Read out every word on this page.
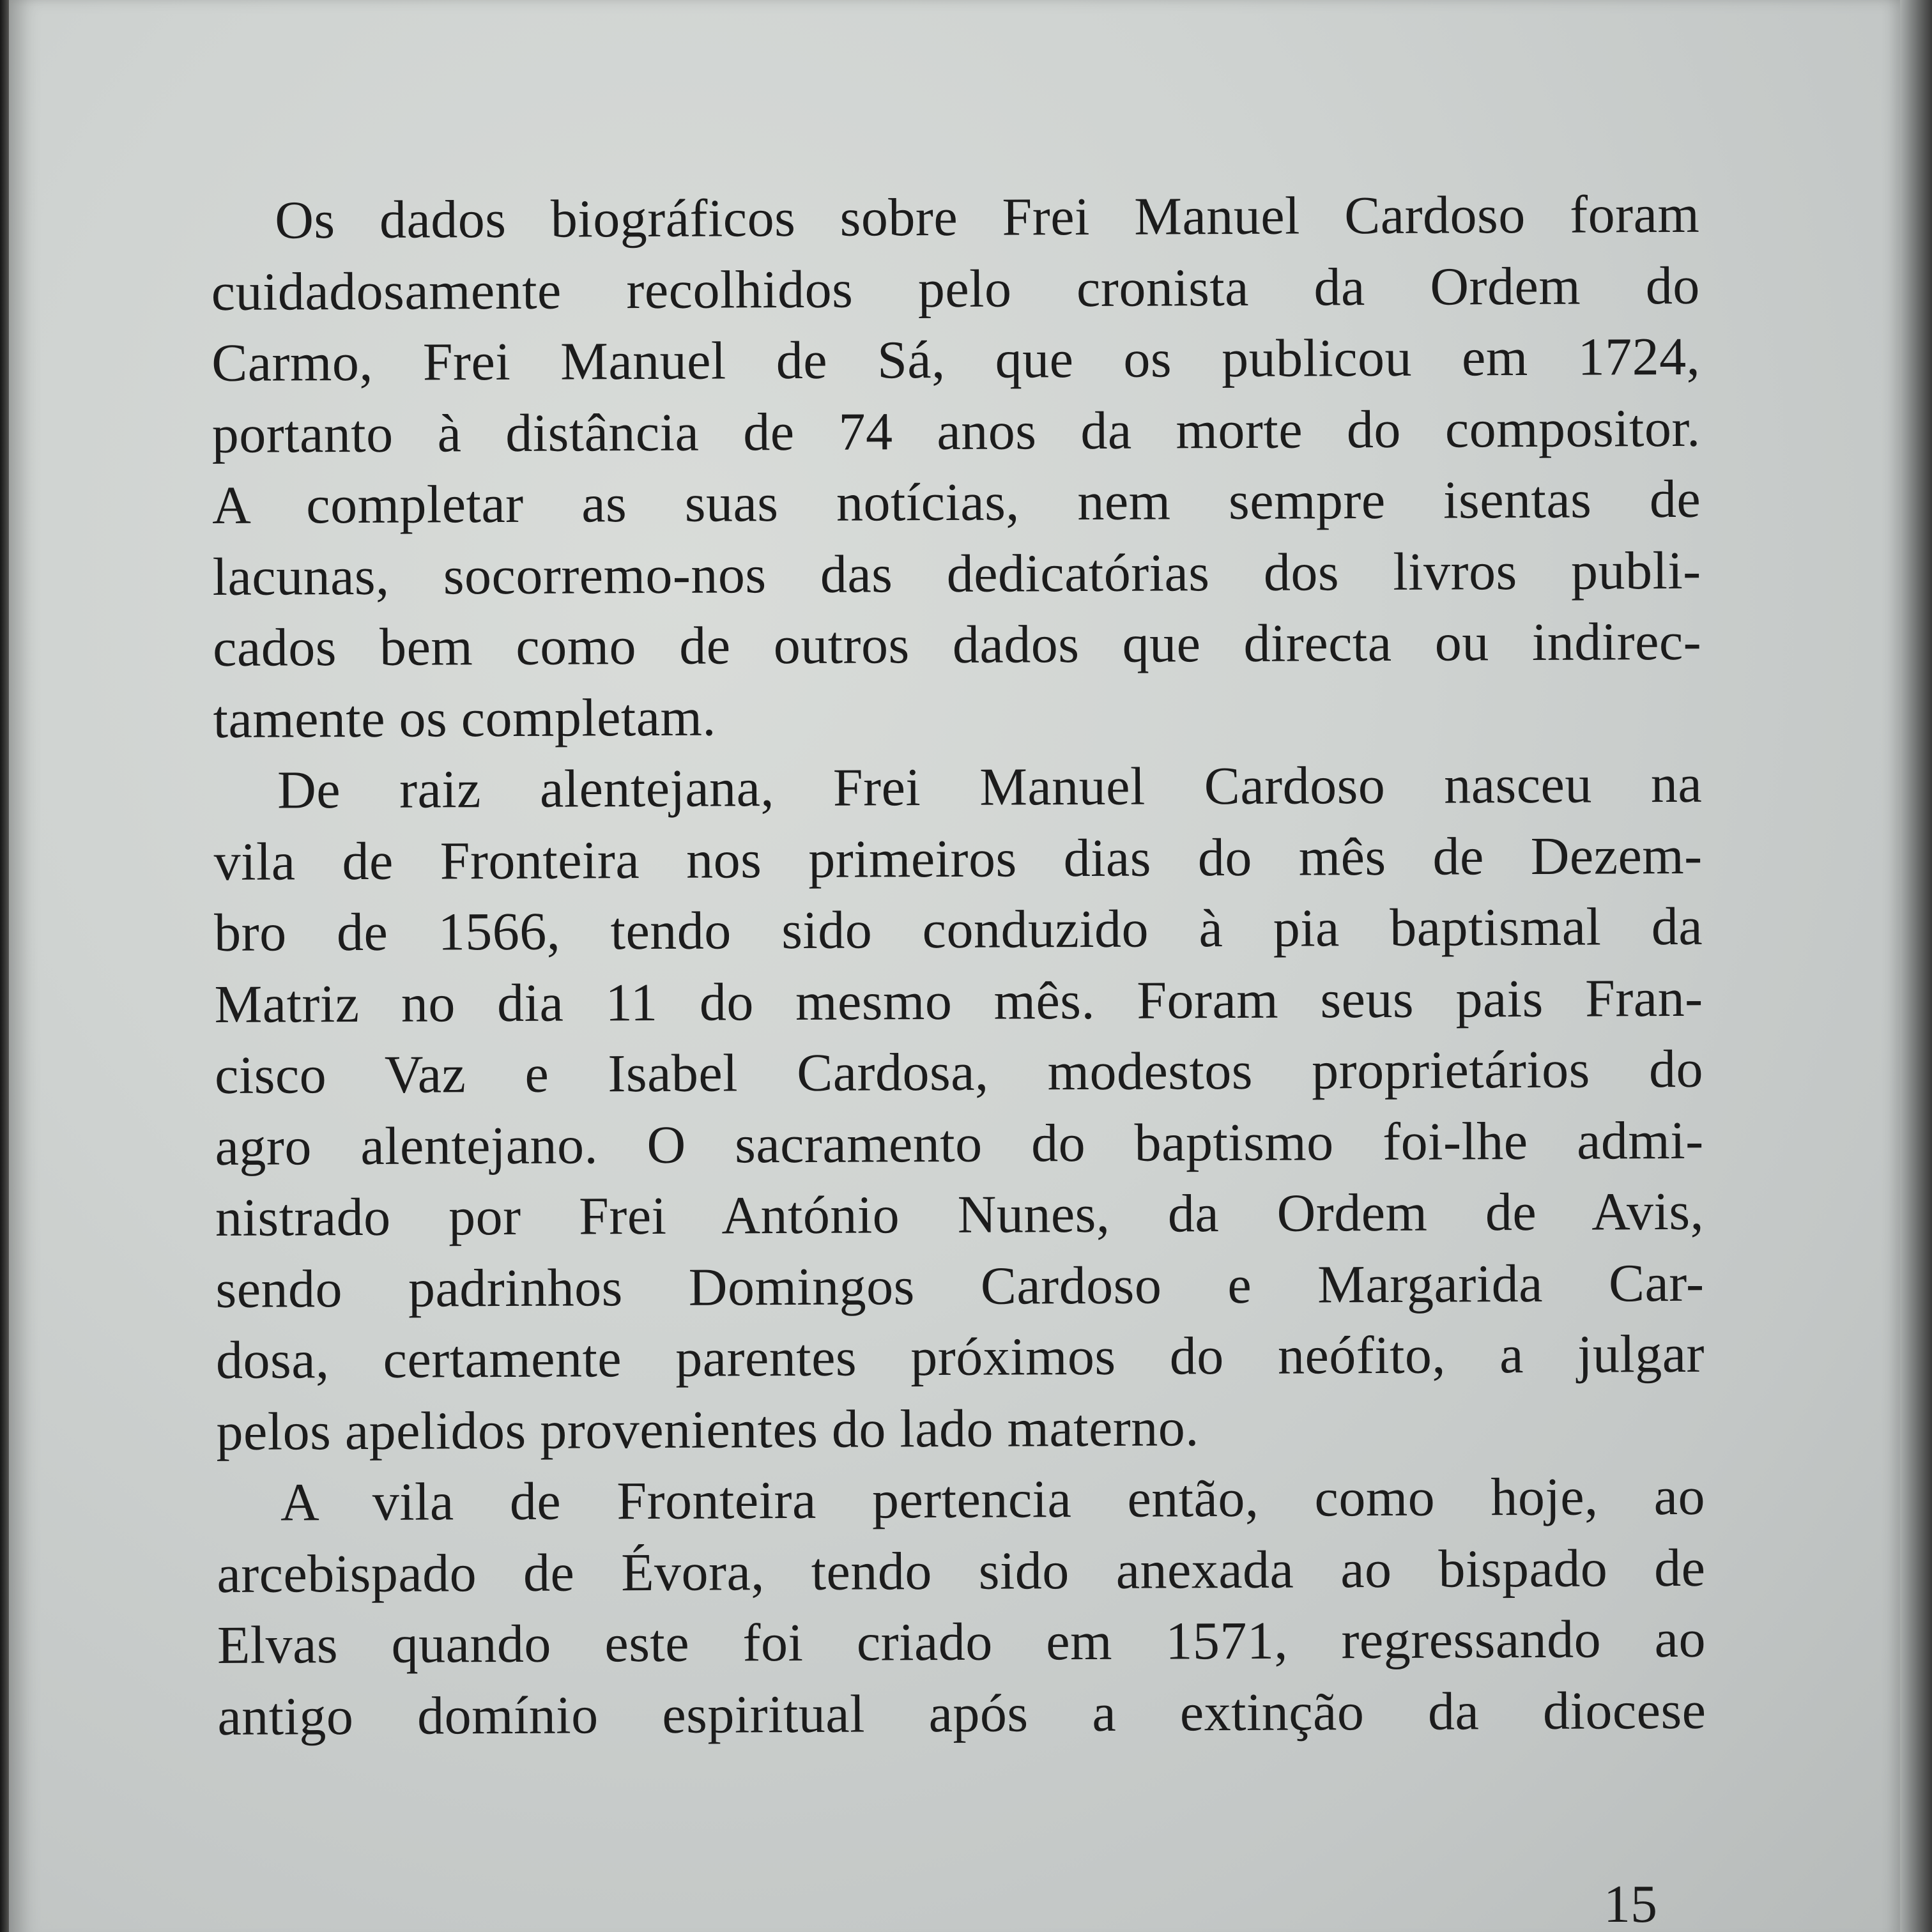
Os dados biográficos sobre Frei Manuel Cardoso foram
cuidadosamente recolhidos pelo cronista da Ordem do
Carmo, Frei Manuel de Sá, que os publicou em 1724,
portanto à distância de 74 anos da morte do compositor.
A completar as suas notícias, nem sempre isentas de
lacunas, socorremo-nos das dedicatórias dos livros publi-
cados bem como de outros dados que directa ou indirec-
tamente os completam.
De raiz alentejana, Frei Manuel Cardoso nasceu na
vila de Fronteira nos primeiros dias do mês de Dezem-
bro de 1566, tendo sido conduzido à pia baptismal da
Matriz no dia 11 do mesmo mês. Foram seus pais Fran-
cisco Vaz e Isabel Cardosa, modestos proprietários do
agro alentejano. O sacramento do baptismo foi-lhe admi-
nistrado por Frei António Nunes, da Ordem de Avis,
sendo padrinhos Domingos Cardoso e Margarida Car-
dosa, certamente parentes próximos do neófito, a julgar
pelos apelidos provenientes do lado materno.
A vila de Fronteira pertencia então, como hoje, ao
arcebispado de Évora, tendo sido anexada ao bispado de
Elvas quando este foi criado em 1571, regressando ao
antigo domínio espiritual após a extinção da diocese
15
